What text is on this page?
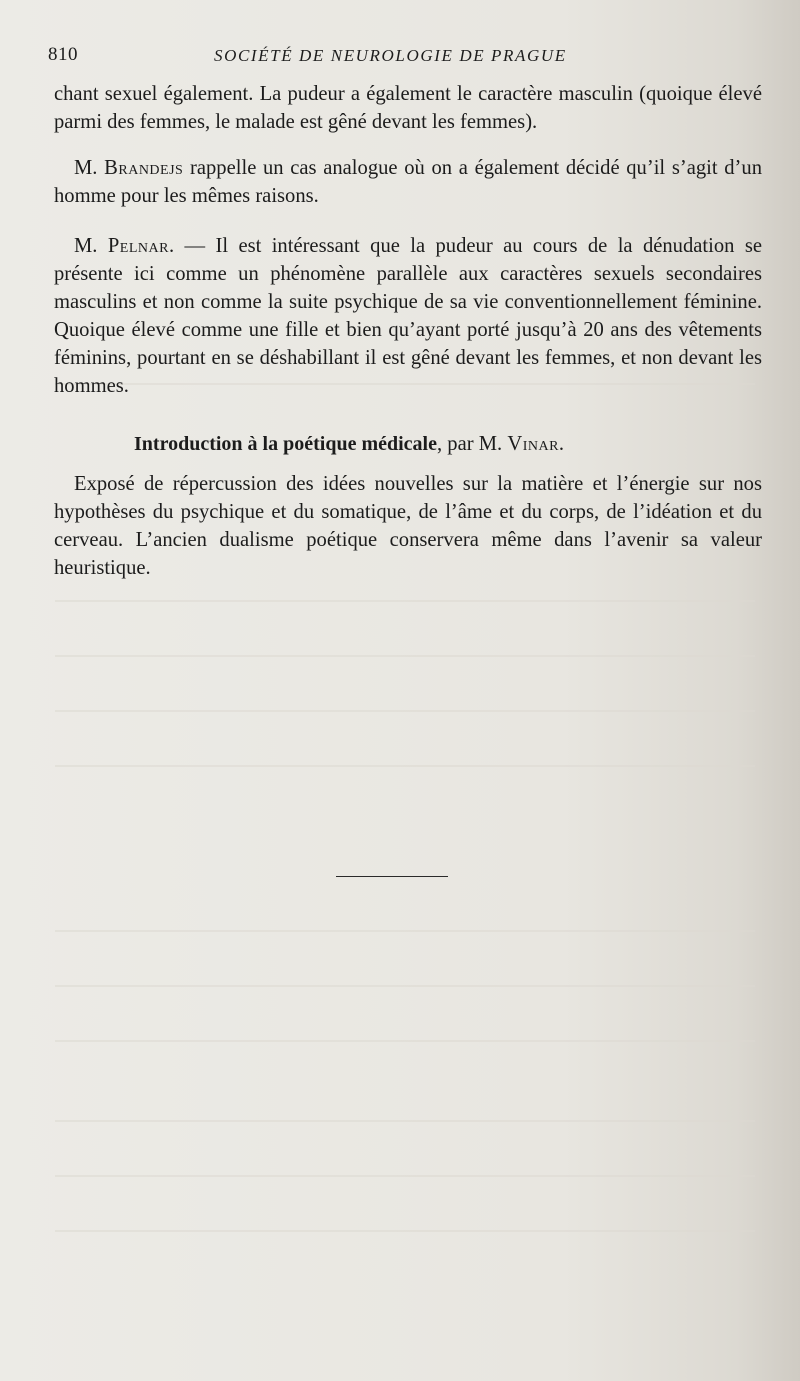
810	SOCIÉTÉ DE NEUROLOGIE DE PRAGUE

chant sexuel également. La pudeur a également le caractère masculin (quoique élevé parmi des femmes, le malade est gêné devant les femmes).

M. Brandejs rappelle un cas analogue où on a également décidé qu’il s’agit d’un homme pour les mêmes raisons.

M. Pelnar. — Il est intéressant que la pudeur au cours de la dénudation se présente ici comme un phénomène parallèle aux caractères sexuels secondaires masculins et non comme la suite psychique de sa vie conventionnellement féminine. Quoique élevé comme une fille et bien qu’ayant porté jusqu’à 20 ans des vêtements féminins, pourtant en se déshabillant il est gêné devant les femmes, et non devant les hommes.

Introduction à la poétique médicale, par M. Vinar.

Exposé de répercussion des idées nouvelles sur la matière et l’énergie sur nos hypothèses du psychique et du somatique, de l’âme et du corps, de l’idéation et du cerveau. L’ancien dualisme poétique conservera même dans l’avenir sa valeur heuristique.
